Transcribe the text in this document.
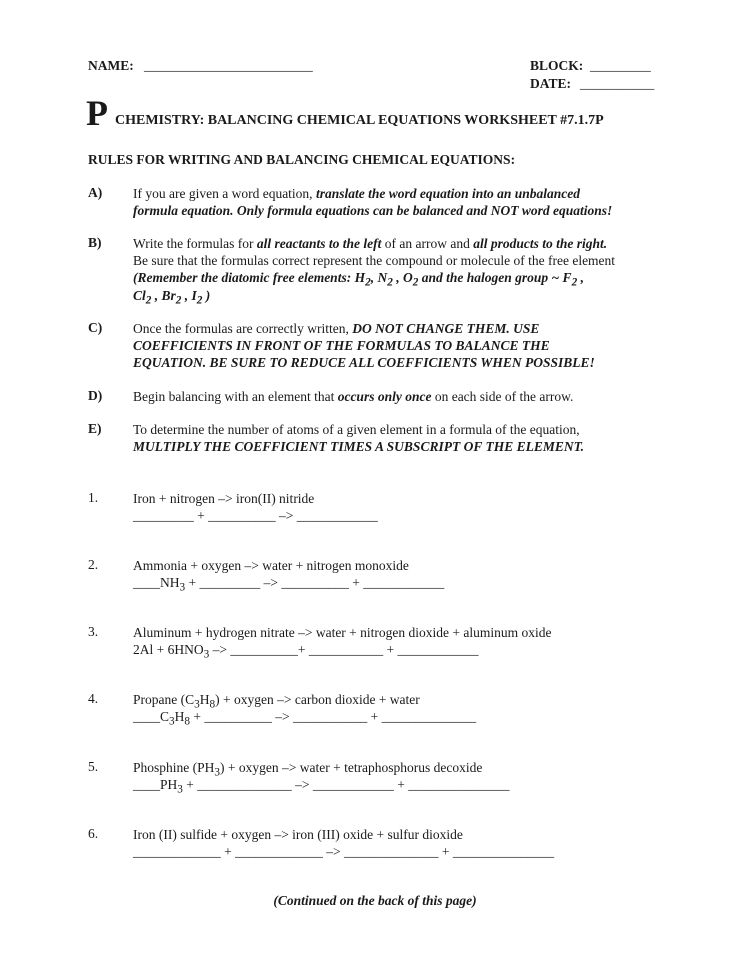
NAME: _________________________	BLOCK: _________
DATE: ___________
P CHEMISTRY: BALANCING CHEMICAL EQUATIONS WORKSHEET #7.1.7P
RULES FOR WRITING AND BALANCING CHEMICAL EQUATIONS:
A)	If you are given a word equation, translate the word equation into an unbalanced
formula equation. Only formula equations can be balanced and NOT word equations!
B)	Write the formulas for all reactants to the left of an arrow and all products to the right.
Be sure that the formulas correct represent the compound or molecule of the free element
(Remember the diatomic free elements: $H_2$, $N_2$ , $O_2$ and the halogen group ~ $F_2$ ,
$Cl_2$ , $Br_2$ , $I_2$ )
C)	Once the formulas are correctly written, DO NOT CHANGE THEM. USE
COEFFICIENTS IN FRONT OF THE FORMULAS TO BALANCE THE
EQUATION. BE SURE TO REDUCE ALL COEFFICIENTS WHEN POSSIBLE!
D)	Begin balancing with an element that occurs only once on each side of the arrow.
E)	To determine the number of atoms of a given element in a formula of the equation,
MULTIPLY THE COEFFICIENT TIMES A SUBSCRIPT OF THE ELEMENT.
1.	Iron + nitrogen –> iron(II) nitride
_________ + __________ –> ____________
2.	Ammonia + oxygen –> water + nitrogen monoxide
$\_\_\_\_NH_3$ + _________ –> __________ + ____________
3.	Aluminum + hydrogen nitrate –> water + nitrogen dioxide + aluminum oxide
$2Al + 6HNO_3$ –> __________+ ___________ + ____________
4.	Propane $(C_3H_8)$ + oxygen –> carbon dioxide + water
$\_\_\_\_C_3H_8$ + __________ –> ___________ + ______________
5.	Phosphine $(PH_3)$ + oxygen –> water + tetraphosphorus decoxide
$\_\_\_\_PH_3$ + ______________ –> ____________ + _______________
6.	Iron (II) sulfide + oxygen –> iron (III) oxide + sulfur dioxide
_____________ + _____________ –> ______________ + _______________
(Continued on the back of this page)
